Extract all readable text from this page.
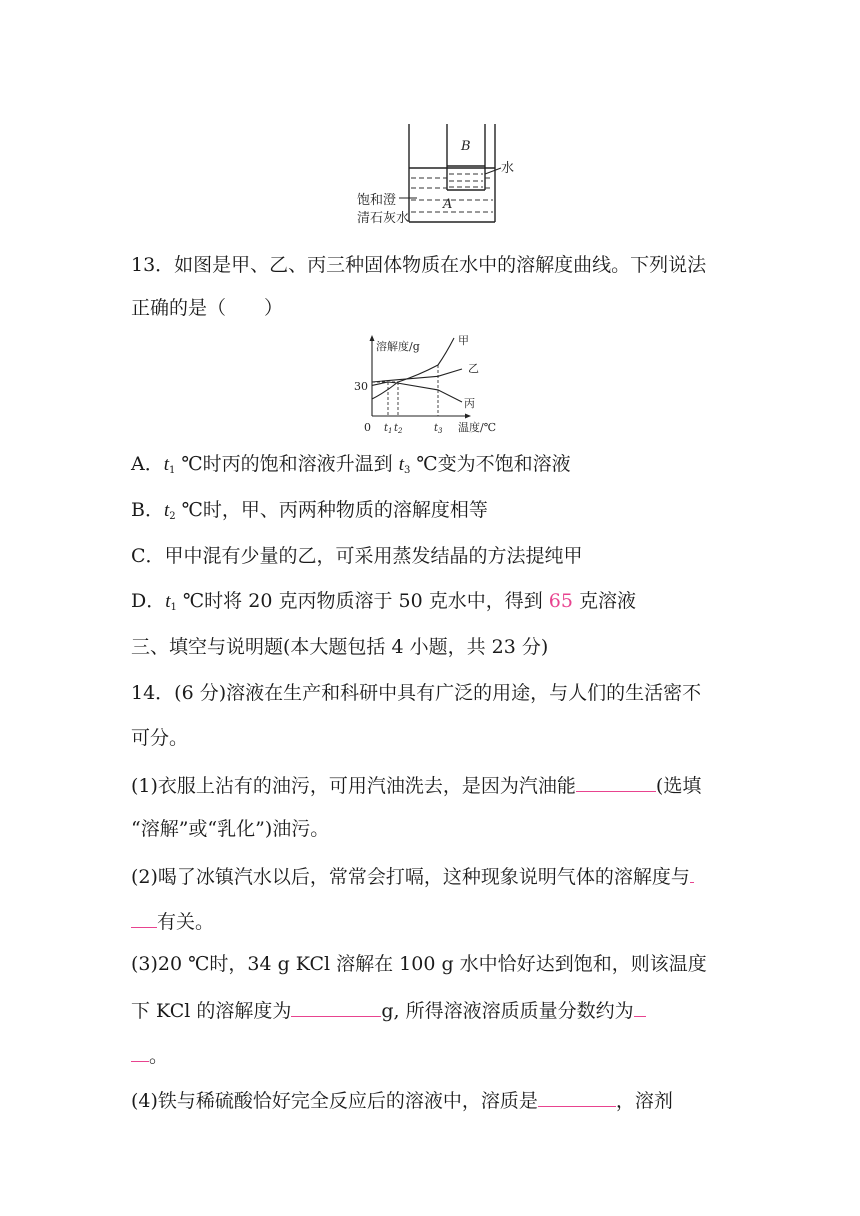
B
A
水
饱和澄
清石灰水
13．如图是甲、乙、丙三种固体物质在水中的溶解度曲线。下列说法
正确的是（　　）
溶解度/g
温度/℃
0
30
$t_1$ $t_2$	$t_3$
甲
乙
丙
A．$t_1$ ℃时丙的饱和溶液升温到 $t_3$ ℃变为不饱和溶液
B．$t_2$ ℃时，甲、丙两种物质的溶解度相等
C．甲中混有少量的乙，可采用蒸发结晶的方法提纯甲
D．$t_1$ ℃时将 20 克丙物质溶于 50 克水中，得到 65 克溶液
三、填空与说明题(本大题包括 4 小题，共 23 分)
14．(6 分)溶液在生产和科研中具有广泛的用途，与人们的生活密不
可分。
(1)衣服上沾有的油污，可用汽油洗去，是因为汽油能	(选填
“溶解”或“乳化”)油污。
(2)喝了冰镇汽水以后，常常会打嗝，这种现象说明气体的溶解度与
有关。
(3)20 ℃时，34 g KCl 溶解在 100 g 水中恰好达到饱和，则该温度
下 KCl 的溶解度为	g, 所得溶液溶质质量分数约为
。
(4)铁与稀硫酸恰好完全反应后的溶液中，溶质是	，溶剂
